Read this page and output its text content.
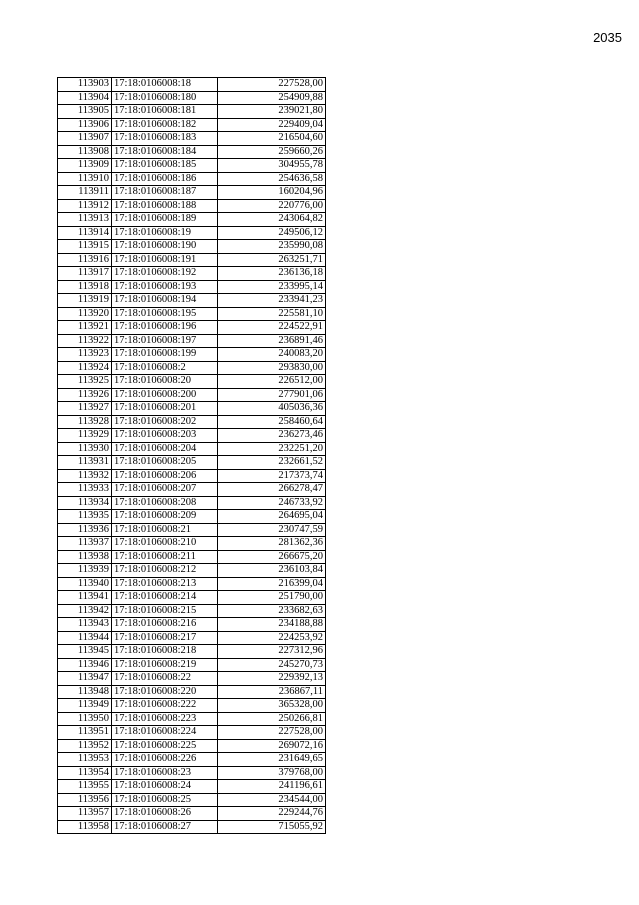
2035
113903	17:18:0106008:18	227528,00
113904	17:18:0106008:180	254909,88
113905	17:18:0106008:181	239021,80
113906	17:18:0106008:182	229409,04
113907	17:18:0106008:183	216504,60
113908	17:18:0106008:184	259660,26
113909	17:18:0106008:185	304955,78
113910	17:18:0106008:186	254636,58
113911	17:18:0106008:187	160204,96
113912	17:18:0106008:188	220776,00
113913	17:18:0106008:189	243064,82
113914	17:18:0106008:19	249506,12
113915	17:18:0106008:190	235990,08
113916	17:18:0106008:191	263251,71
113917	17:18:0106008:192	236136,18
113918	17:18:0106008:193	233995,14
113919	17:18:0106008:194	233941,23
113920	17:18:0106008:195	225581,10
113921	17:18:0106008:196	224522,91
113922	17:18:0106008:197	236891,46
113923	17:18:0106008:199	240083,20
113924	17:18:0106008:2	293830,00
113925	17:18:0106008:20	226512,00
113926	17:18:0106008:200	277901,06
113927	17:18:0106008:201	405036,36
113928	17:18:0106008:202	258460,64
113929	17:18:0106008:203	236273,46
113930	17:18:0106008:204	232251,20
113931	17:18:0106008:205	232661,52
113932	17:18:0106008:206	217373,74
113933	17:18:0106008:207	266278,47
113934	17:18:0106008:208	246733,92
113935	17:18:0106008:209	264695,04
113936	17:18:0106008:21	230747,59
113937	17:18:0106008:210	281362,36
113938	17:18:0106008:211	266675,20
113939	17:18:0106008:212	236103,84
113940	17:18:0106008:213	216399,04
113941	17:18:0106008:214	251790,00
113942	17:18:0106008:215	233682,63
113943	17:18:0106008:216	234188,88
113944	17:18:0106008:217	224253,92
113945	17:18:0106008:218	227312,96
113946	17:18:0106008:219	245270,73
113947	17:18:0106008:22	229392,13
113948	17:18:0106008:220	236867,11
113949	17:18:0106008:222	365328,00
113950	17:18:0106008:223	250266,81
113951	17:18:0106008:224	227528,00
113952	17:18:0106008:225	269072,16
113953	17:18:0106008:226	231649,65
113954	17:18:0106008:23	379768,00
113955	17:18:0106008:24	241196,61
113956	17:18:0106008:25	234544,00
113957	17:18:0106008:26	229244,76
113958	17:18:0106008:27	715055,92
